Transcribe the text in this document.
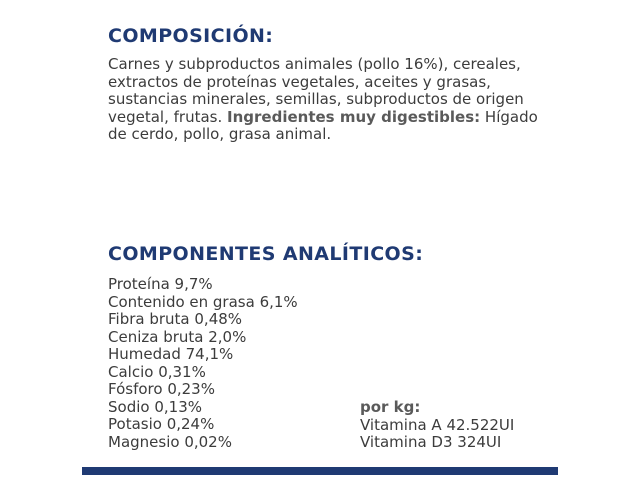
COMPOSICIÓN:
Carnes y subproductos animales (pollo 16%), cereales, extractos de proteínas vegetales, aceites y grasas, sustancias minerales, semillas, subproductos de origen vegetal, frutas. Ingredientes muy digestibles: Hígado de cerdo, pollo, grasa animal.
COMPONENTES ANALÍTICOS:
Proteína 9,7%
Contenido en grasa 6,1%
Fibra bruta 0,48%
Ceniza bruta 2,0%
Humedad 74,1%
Calcio 0,31%
Fósforo 0,23%
Sodio 0,13%
Potasio 0,24%
Magnesio 0,02%
por kg:
Vitamina A 42.522UI
Vitamina D3 324UI
